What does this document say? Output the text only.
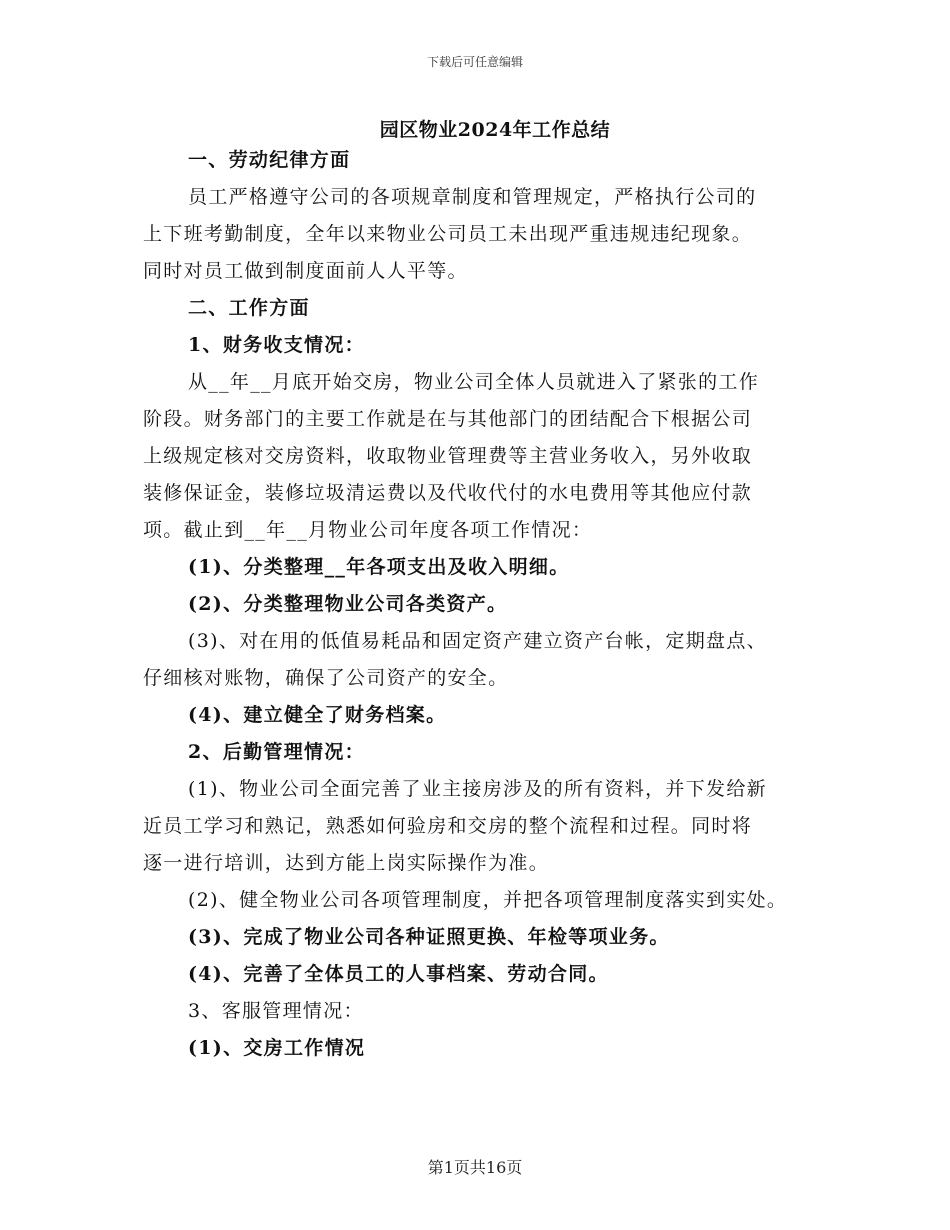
下载后可任意编辑
园区物业2024年工作总结
一、劳动纪律方面
员工严格遵守公司的各项规章制度和管理规定，严格执行公司的
上下班考勤制度，全年以来物业公司员工未出现严重违规违纪现象。
同时对员工做到制度面前人人平等。
二、工作方面
1、财务收支情况：
从__年__月底开始交房，物业公司全体人员就进入了紧张的工作
阶段。财务部门的主要工作就是在与其他部门的团结配合下根据公司
上级规定核对交房资料，收取物业管理费等主营业务收入，另外收取
装修保证金，装修垃圾清运费以及代收代付的水电费用等其他应付款
项。截止到__年__月物业公司年度各项工作情况：
(1)、分类整理__年各项支出及收入明细。
(2)、分类整理物业公司各类资产。
(3)、对在用的低值易耗品和固定资产建立资产台帐，定期盘点、
仔细核对账物，确保了公司资产的安全。
(4)、建立健全了财务档案。
2、后勤管理情况：
(1)、物业公司全面完善了业主接房涉及的所有资料，并下发给新
近员工学习和熟记，熟悉如何验房和交房的整个流程和过程。同时将
逐一进行培训，达到方能上岗实际操作为准。
(2)、健全物业公司各项管理制度，并把各项管理制度落实到实处。
(3)、完成了物业公司各种证照更换、年检等项业务。
(4)、完善了全体员工的人事档案、劳动合同。
3、客服管理情况：
(1)、交房工作情况
第1页共16页
